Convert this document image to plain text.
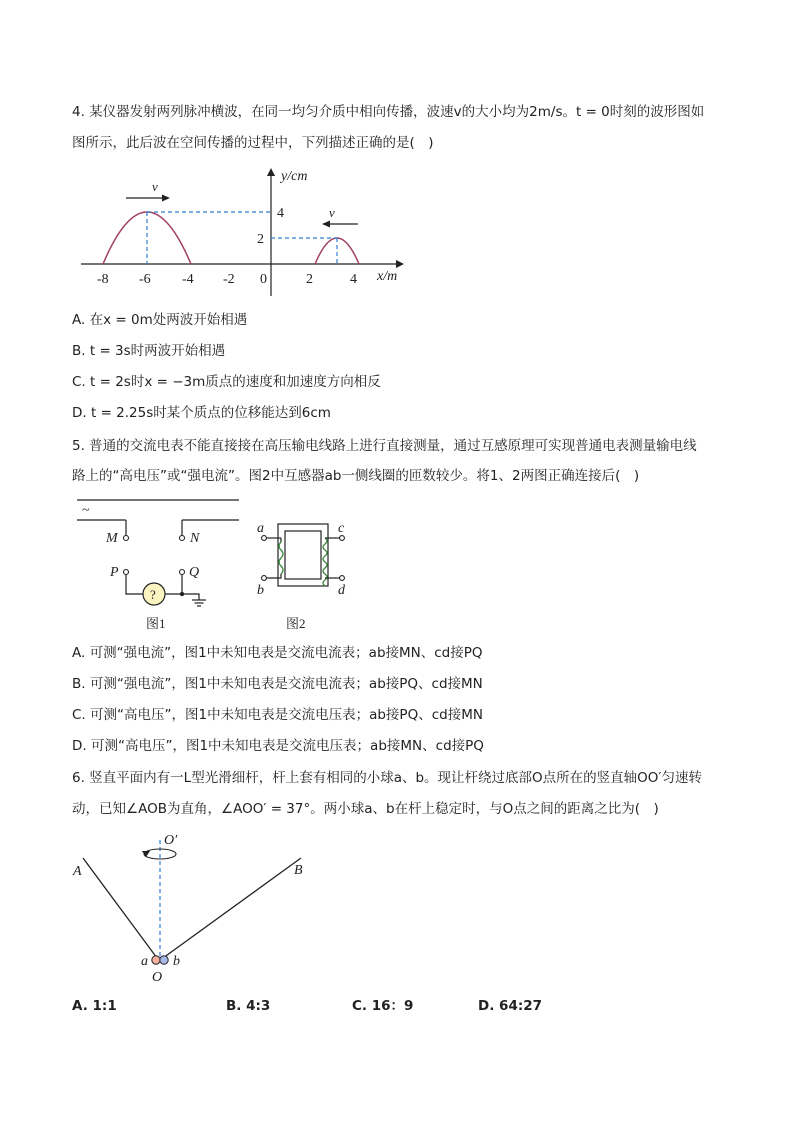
4. 某仪器发射两列脉冲横波，在同一均匀介质中相向传播，波速v的大小均为2m/s。t = 0时刻的波形图如
图所示，此后波在空间传播的过程中，下列描述正确的是(　)
v
v
y/cm
x/m
4
2
-8 -6 -4 -2 0	2	4
A. 在x = 0m处两波开始相遇
B. t = 3s时两波开始相遇
C. t = 2s时x = −3m质点的速度和加速度方向相反
D. t = 2.25s时某个质点的位移能达到6cm
5. 普通的交流电表不能直接接在高压输电线路上进行直接测量，通过互感原理可实现普通电表测量输电线
路上的“高电压”或“强电流”。图2中互感器ab一侧线圈的匝数较少。将1、2两图正确连接后(　)
~
M	N
P	Q
?
图1
a
b
c
d
图2
A. 可测“强电流”，图1中未知电表是交流电流表；ab接MN、cd接PQ
B. 可测“强电流”，图1中未知电表是交流电流表；ab接PQ、cd接MN
C. 可测“高电压”，图1中未知电表是交流电压表；ab接PQ、cd接MN
D. 可测“高电压”，图1中未知电表是交流电压表；ab接MN、cd接PQ
6. 竖直平面内有一L型光滑细杆，杆上套有相同的小球a、b。现让杆绕过底部O点所在的竖直轴OO′匀速转
动，已知∠AOB为直角，∠AOO′ = 37°。两小球a、b在杆上稳定时，与O点之间的距离之比为(　)
O′
A	B
a b
O
A. 1:1	B. 4:3	C. 16：9	D. 64:27
